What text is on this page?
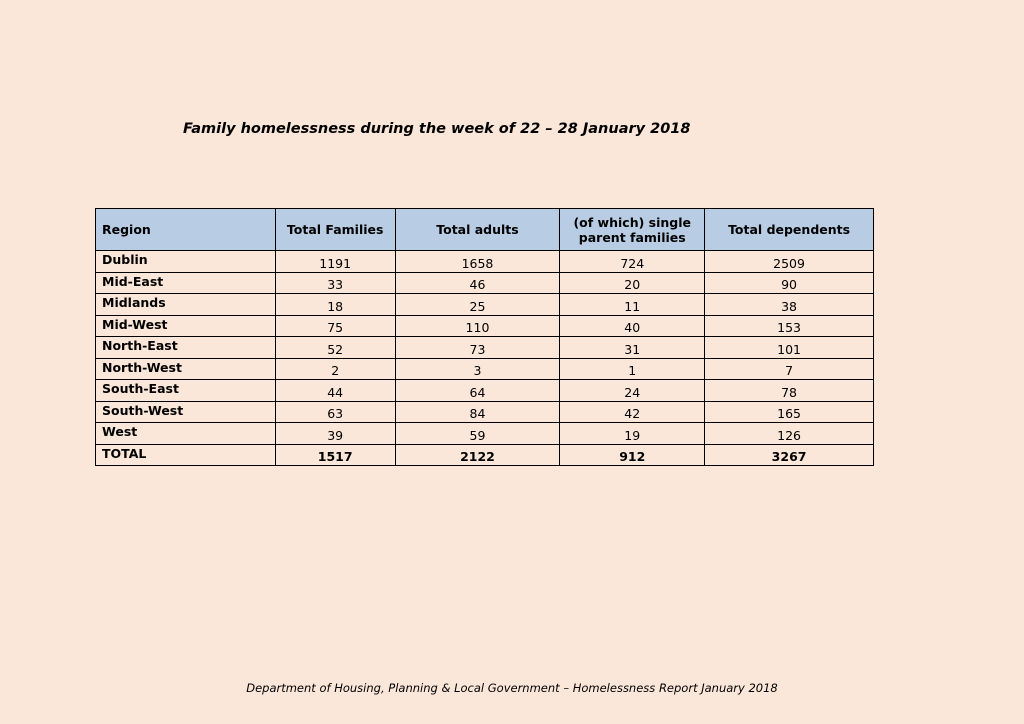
Family homelessness during the week of 22 – 28 January 2018
Region	Total Families	Total adults	(of which) single parent families	Total dependents
Dublin	1191	1658	724	2509
Mid-East	33	46	20	90
Midlands	18	25	11	38
Mid-West	75	110	40	153
North-East	52	73	31	101
North-West	2	3	1	7
South-East	44	64	24	78
South-West	63	84	42	165
West	39	59	19	126
TOTAL	1517	2122	912	3267
Department of Housing, Planning & Local Government – Homelessness Report January 2018
